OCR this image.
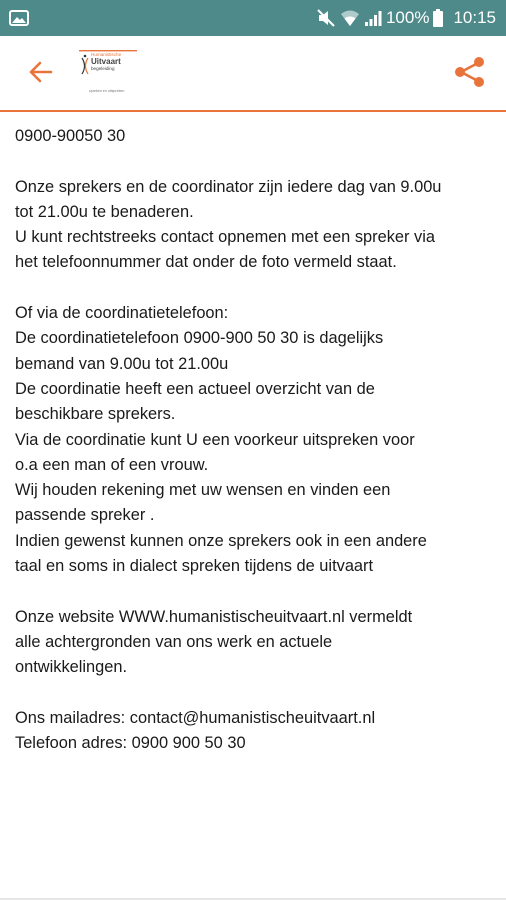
100% 10:15
Humanistische
Uitvaart
begeleiding
spreken en uitspreken

0900-90050 30

Onze sprekers en de coordinator zijn iedere dag van 9.00u
tot 21.00u te benaderen.
U kunt rechtstreeks contact opnemen met een spreker via
het telefoonnummer dat onder de foto vermeld staat.

Of via de coordinatietelefoon:
De coordinatietelefoon 0900-900 50 30 is dagelijks
bemand van 9.00u tot 21.00u
De coordinatie heeft een actueel overzicht van de
beschikbare sprekers.
Via de coordinatie kunt U een voorkeur uitspreken voor
o.a een man of een vrouw.
Wij houden rekening met uw wensen en vinden een
passende spreker .
Indien gewenst kunnen onze sprekers ook in een andere
taal en soms in dialect spreken tijdens de uitvaart

Onze website WWW.humanistischeuitvaart.nl vermeldt
alle achtergronden van ons werk en actuele
ontwikkelingen.

Ons mailadres: contact@humanistischeuitvaart.nl
Telefoon adres: 0900 900 50 30
